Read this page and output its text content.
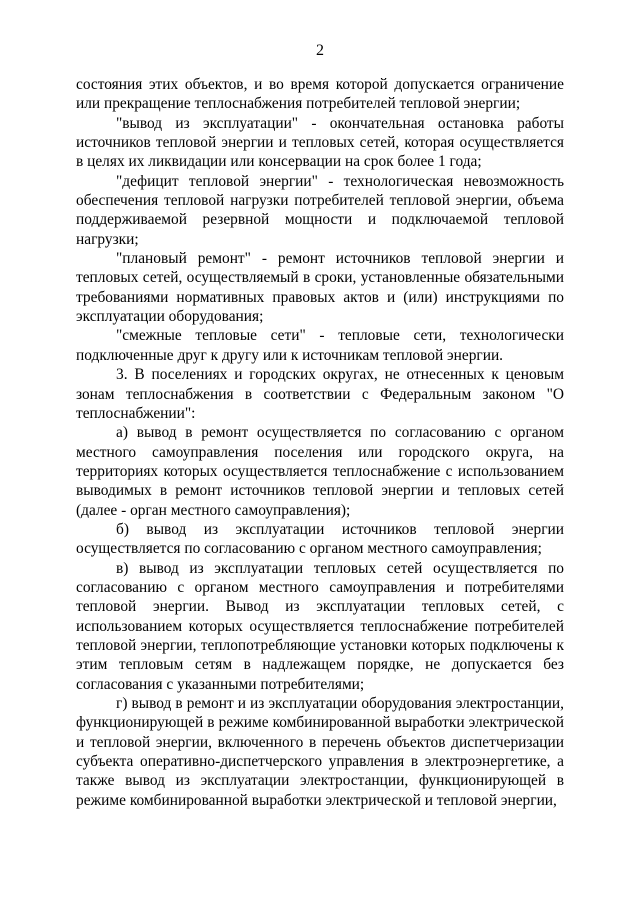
2

состояния этих объектов, и во время которой допускается ограничение или прекращение теплоснабжения потребителей тепловой энергии;

"вывод из эксплуатации" - окончательная остановка работы источников тепловой энергии и тепловых сетей, которая осуществляется в целях их ликвидации или консервации на срок более 1 года;

"дефицит тепловой энергии" - технологическая невозможность обеспечения тепловой нагрузки потребителей тепловой энергии, объема поддерживаемой резервной мощности и подключаемой тепловой нагрузки;

"плановый ремонт" - ремонт источников тепловой энергии и тепловых сетей, осуществляемый в сроки, установленные обязательными требованиями нормативных правовых актов и (или) инструкциями по эксплуатации оборудования;

"смежные тепловые сети" - тепловые сети, технологически подключенные друг к другу или к источникам тепловой энергии.

3. В поселениях и городских округах, не отнесенных к ценовым зонам теплоснабжения в соответствии с Федеральным законом "О теплоснабжении":

а) вывод в ремонт осуществляется по согласованию с органом местного самоуправления поселения или городского округа, на территориях которых осуществляется теплоснабжение с использованием выводимых в ремонт источников тепловой энергии и тепловых сетей (далее - орган местного самоуправления);

б) вывод из эксплуатации источников тепловой энергии осуществляется по согласованию с органом местного самоуправления;

в) вывод из эксплуатации тепловых сетей осуществляется по согласованию с органом местного самоуправления и потребителями тепловой энергии. Вывод из эксплуатации тепловых сетей, с использованием которых осуществляется теплоснабжение потребителей тепловой энергии, теплопотребляющие установки которых подключены к этим тепловым сетям в надлежащем порядке, не допускается без согласования с указанными потребителями;

г) вывод в ремонт и из эксплуатации оборудования электростанции, функционирующей в режиме комбинированной выработки электрической и тепловой энергии, включенного в перечень объектов диспетчеризации субъекта оперативно-диспетчерского управления в электроэнергетике, а также вывод из эксплуатации электростанции, функционирующей в режиме комбинированной выработки электрической и тепловой энергии,
